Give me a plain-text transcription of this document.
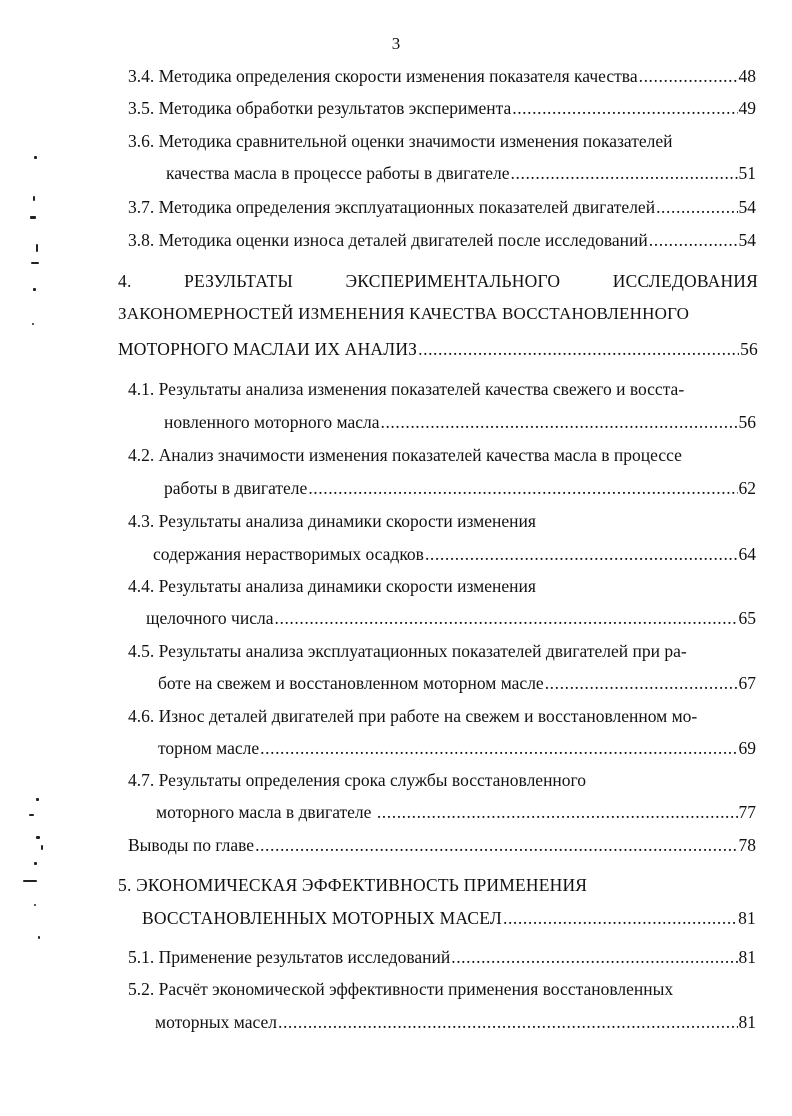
3
3.4.
Методика определения скорости изменения показателя качества .....	48
3.5.
Методика обработки результатов эксперимента .....	49
3.6. Методика сравнительной оценки значимости изменения показателей
качества масла в процессе работы в двигателе .....	51
3.7.
Методика определения эксплуатационных показателей двигателей .....	54
3.8.
Методика оценки износа деталей двигателей после исследований .....	54
4.	РЕЗУЛЬТАТЫ	ЭКСПЕРИМЕНТАЛЬНОГО	ИССЛЕДОВАНИЯ
ЗАКОНОМЕРНОСТЕЙ ИЗМЕНЕНИЯ КАЧЕСТВА ВОССТАНОВЛЕННОГО
МОТОРНОГО МАСЛАИ ИХ АНАЛИЗ .....	56
4.1. Результаты анализа изменения показателей качества свежего и восста-
новленного моторного масла .....	56
4.2. Анализ значимости изменения показателей качества масла в процессе
работы в двигателе .....	62
4.3. Результаты анализа динамики скорости изменения
содержания нерастворимых осадков .....	64
4.4. Результаты анализа динамики скорости изменения
щелочного числа .....	65
4.5. Результаты анализа эксплуатационных показателей двигателей при ра-
боте на свежем и восстановленном моторном масле .....	67
4.6. Износ деталей двигателей при работе на свежем и восстановленном мо-
торном масле .....	69
4.7. Результаты определения срока службы восстановленного
моторного масла в двигателе
.....	77
Выводы по главе .....	78
5. ЭКОНОМИЧЕСКАЯ ЭФФЕКТИВНОСТЬ ПРИМЕНЕНИЯ
ВОССТАНОВЛЕННЫХ МОТОРНЫХ МАСЕЛ .....	81
5.1.
Применение результатов исследований .....	81
5.2. Расчёт экономической эффективности применения восстановленных
моторных масел .....	81
